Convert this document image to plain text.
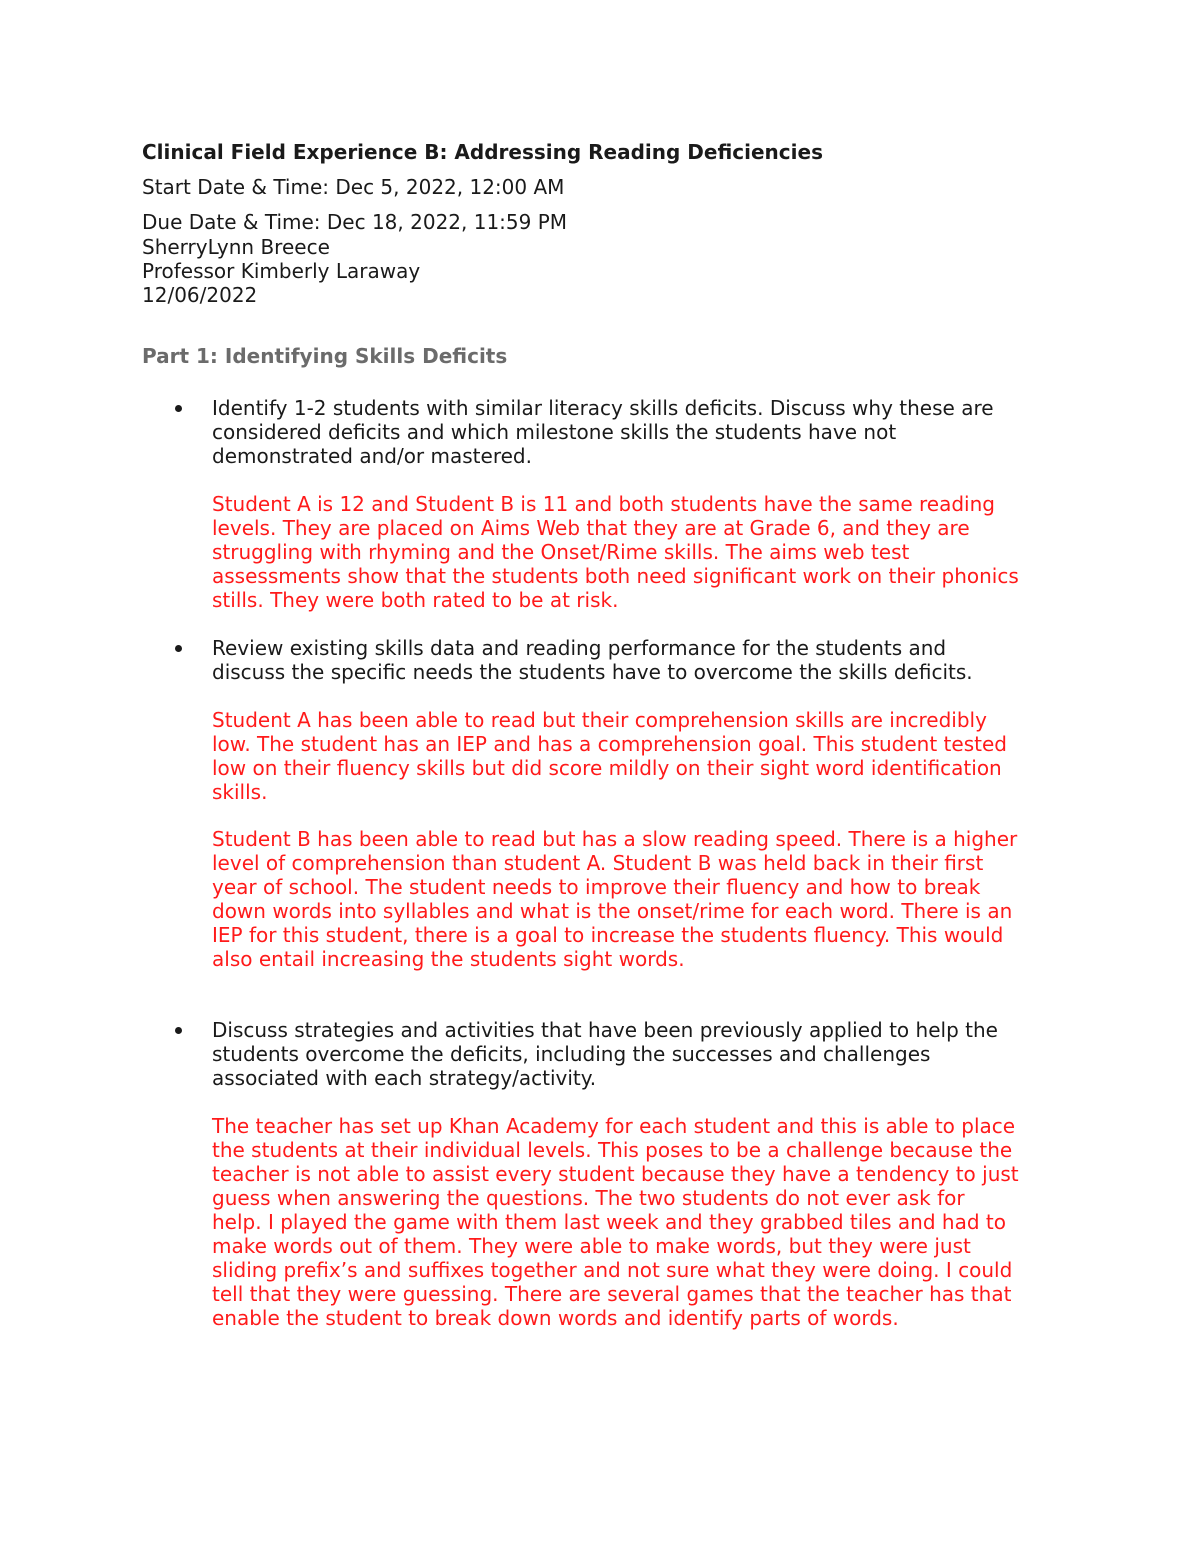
Clinical Field Experience B: Addressing Reading Deficiencies
Start Date & Time: Dec 5, 2022, 12:00 AM
Due Date & Time: Dec 18, 2022, 11:59 PM
SherryLynn Breece
Professor Kimberly Laraway
12/06/2022
Part 1: Identifying Skills Deficits
Identify 1-2 students with similar literacy skills deficits. Discuss why these are
considered deficits and which milestone skills the students have not
demonstrated and/or mastered.
Student A is 12 and Student B is 11 and both students have the same reading
levels. They are placed on Aims Web that they are at Grade 6, and they are
struggling with rhyming and the Onset/Rime skills. The aims web test
assessments show that the students both need significant work on their phonics
stills. They were both rated to be at risk.
Review existing skills data and reading performance for the students and
discuss the specific needs the students have to overcome the skills deficits.
Student A has been able to read but their comprehension skills are incredibly
low. The student has an IEP and has a comprehension goal. This student tested
low on their fluency skills but did score mildly on their sight word identification
skills.
Student B has been able to read but has a slow reading speed. There is a higher
level of comprehension than student A. Student B was held back in their first
year of school. The student needs to improve their fluency and how to break
down words into syllables and what is the onset/rime for each word. There is an
IEP for this student, there is a goal to increase the students fluency. This would
also entail increasing the students sight words.
Discuss strategies and activities that have been previously applied to help the
students overcome the deficits, including the successes and challenges
associated with each strategy/activity.
The teacher has set up Khan Academy for each student and this is able to place
the students at their individual levels. This poses to be a challenge because the
teacher is not able to assist every student because they have a tendency to just
guess when answering the questions. The two students do not ever ask for
help. I played the game with them last week and they grabbed tiles and had to
make words out of them. They were able to make words, but they were just
sliding prefix’s and suffixes together and not sure what they were doing. I could
tell that they were guessing. There are several games that the teacher has that
enable the student to break down words and identify parts of words.
